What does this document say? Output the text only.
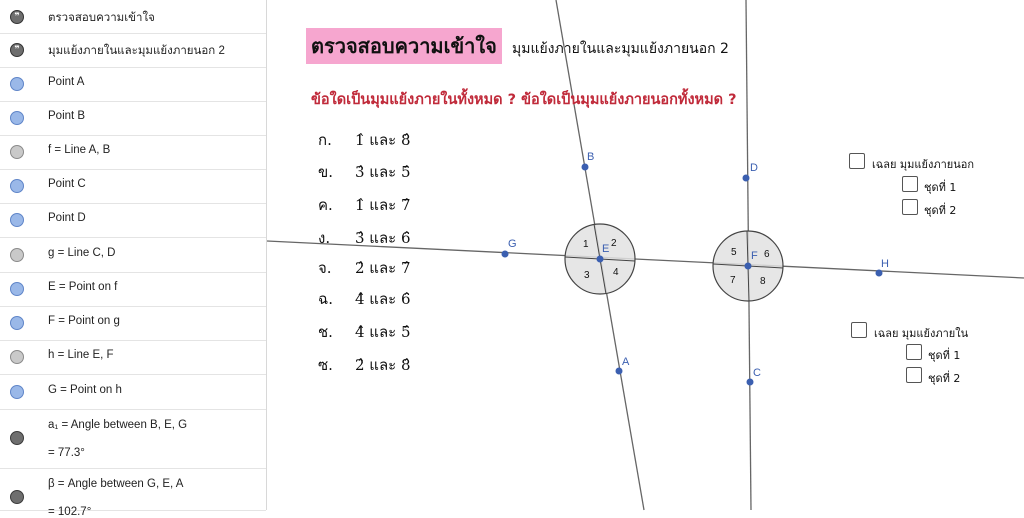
❞	ตรวจสอบความเข้าใจ
❞	มุมแย้งภายในและมุมแย้งภายนอก 2
Point A
Point B
f = Line A, B
Point C
Point D
g = Line C, D
E = Point on f
F = Point on g
h = Line E, F
G = Point on h
a₁ = Angle between B, E, G
= 77.3°
β = Angle between G, E, A
= 102.7°
1 2
3 4
5	6
7 8
B
A
D
C
E
F
G
H
ตรวจสอบความเข้าใจ	มุมแย้งภายในและมุมแย้งภายนอก 2
ข้อใดเป็นมุมแย้งภายในทั้งหมด ? ข้อใดเป็นมุมแย้งภายนอกทั้งหมด ?
ก. 1̂ และ 8̂
ข. 3̂ และ 5̂
ค. 1̂ และ 7̂
ง. 3̂ และ 6̂
จ. 2̂ และ 7̂
ฉ. 4̂ และ 6̂
ช. 4̂ และ 5̂
ซ. 2̂ และ 8̂
เฉลย มุมแย้งภายนอก
ชุดที่ 1
ชุดที่ 2
เฉลย มุมแย้งภายใน
ชุดที่ 1
ชุดที่ 2
